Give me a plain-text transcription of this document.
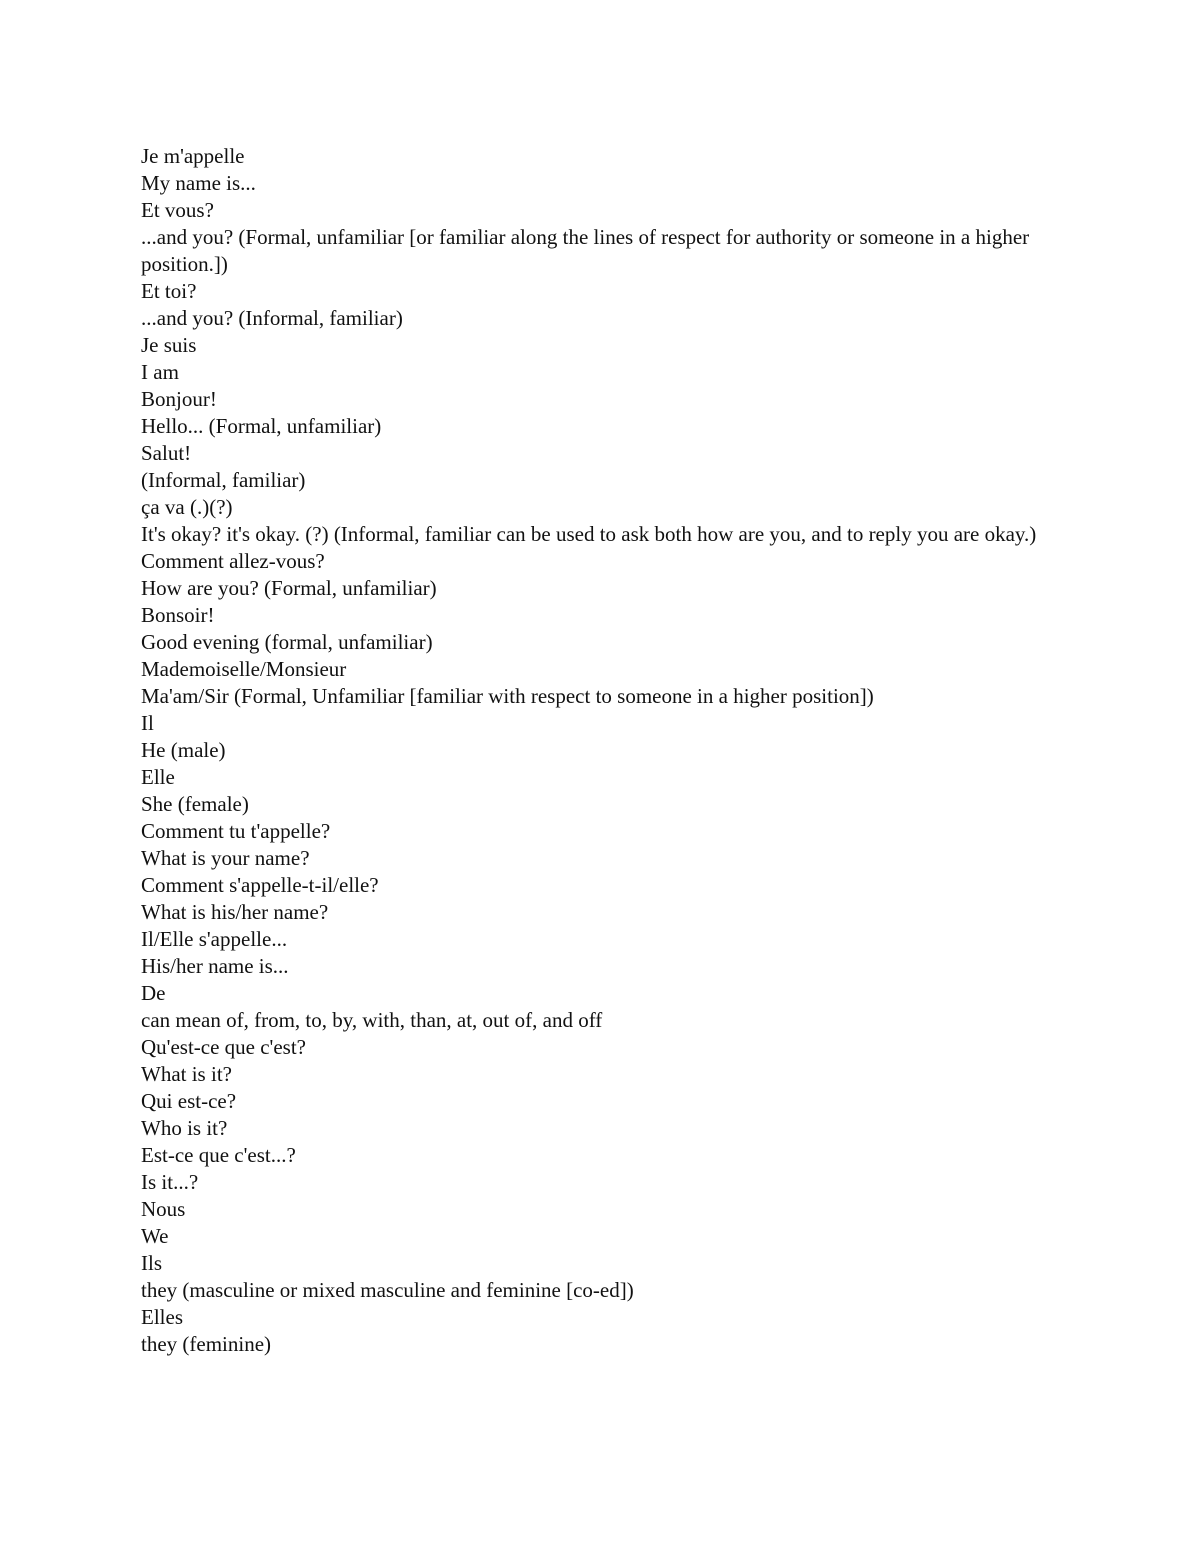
Je m'appelle

My name is...

Et vous?

...and you? (Formal, unfamiliar [or familiar along the lines of respect for authority or someone in a higher position.])

Et toi?

...and you? (Informal, familiar)

Je suis

I am

Bonjour!

Hello... (Formal, unfamiliar)

Salut!

(Informal, familiar)

ça va (.)(?)

It's okay? it's okay. (?) (Informal, familiar can be used to ask both how are you, and to reply you are okay.)

Comment allez-vous?

How are you? (Formal, unfamiliar)

Bonsoir!

Good evening (formal, unfamiliar)

Mademoiselle/Monsieur

Ma'am/Sir (Formal, Unfamiliar [familiar with respect to someone in a higher position])

Il

He (male)

Elle

She (female)

Comment tu t'appelle?

What is your name?

Comment s'appelle-t-il/elle?

What is his/her name?

Il/Elle s'appelle...

His/her name is...

De

can mean of, from, to, by, with, than, at, out of, and off

Qu'est-ce que c'est?

What is it?

Qui est-ce?

Who is it?

Est-ce que c'est...?

Is it...?

Nous

We

Ils

they (masculine or mixed masculine and feminine [co-ed])

Elles

they (feminine)
